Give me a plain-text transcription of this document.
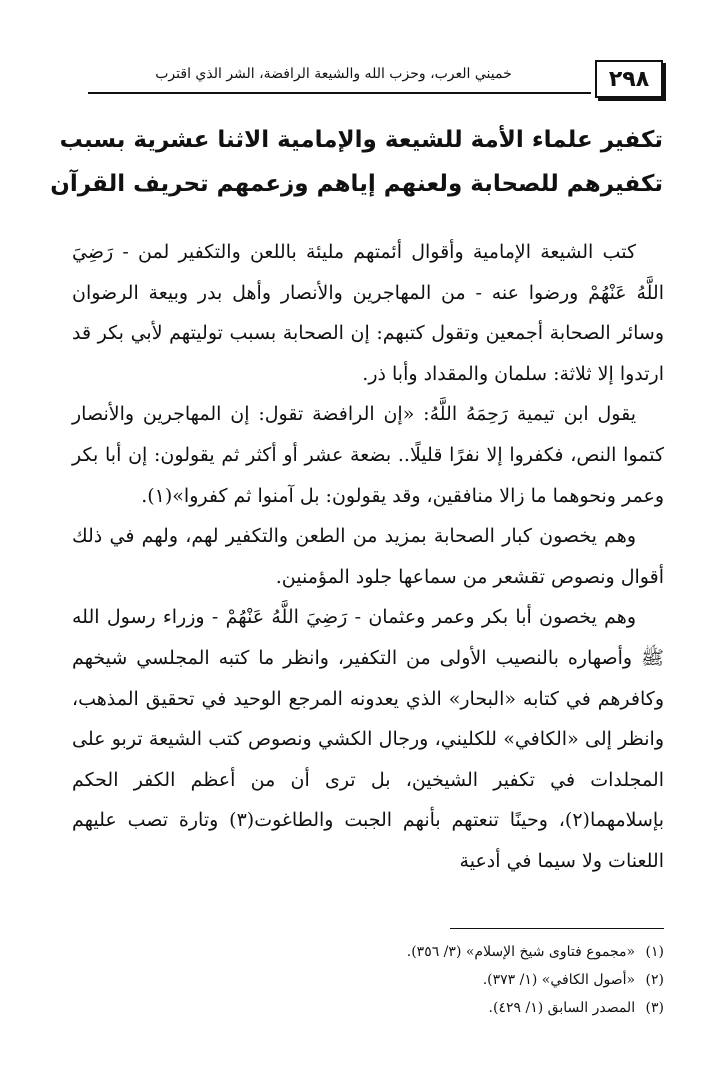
٢٩٨
خميني العرب، وحزب الله والشيعة الرافضة، الشر الذي اقترب
تكفير علماء الأمة للشيعة والإمامية الاثنا عشرية بسبب
تكفيرهم للصحابة ولعنهم إياهم وزعمهم تحريف القرآن

كتب الشيعة الإمامية وأقوال أئمتهم مليئة باللعن والتكفير لمن - رَضِيَ اللَّهُ عَنْهُمْ ورضوا عنه - من المهاجرين والأنصار وأهل بدر وبيعة الرضوان وسائر الصحابة أجمعين وتقول كتبهم: إن الصحابة بسبب توليتهم لأبي بكر قد ارتدوا إلا ثلاثة: سلمان والمقداد وأبا ذر.

يقول ابن تيمية رَحِمَهُ اللَّهُ: «إن الرافضة تقول: إن المهاجرين والأنصار كتموا النص، فكفروا إلا نفرًا قليلًا.. بضعة عشر أو أكثر ثم يقولون: إن أبا بكر وعمر ونحوهما ما زالا منافقين، وقد يقولون: بل آمنوا ثم كفروا»(١).

وهم يخصون كبار الصحابة بمزيد من الطعن والتكفير لهم، ولهم في ذلك أقوال ونصوص تقشعر من سماعها جلود المؤمنين.

وهم يخصون أبا بكر وعمر وعثمان - رَضِيَ اللَّهُ عَنْهُمْ - وزراء رسول الله ﷺ وأصهاره بالنصيب الأولى من التكفير، وانظر ما كتبه المجلسي شيخهم وكافرهم في كتابه «البحار» الذي يعدونه المرجع الوحيد في تحقيق المذهب، وانظر إلى «الكافي» للكليني، ورجال الكشي ونصوص كتب الشيعة تربو على المجلدات في تكفير الشيخين، بل ترى أن من أعظم الكفر الحكم بإسلامهما(٢)، وحينًا تنعتهم بأنهم الجبت والطاغوت(٣) وتارة تصب عليهم اللعنات ولا سيما في أدعية

(١) «مجموع فتاوى شيخ الإسلام» (٣/ ٣٥٦).
(٢) «أصول الكافي» (١/ ٣٧٣).
(٣) المصدر السابق (١/ ٤٢٩).
